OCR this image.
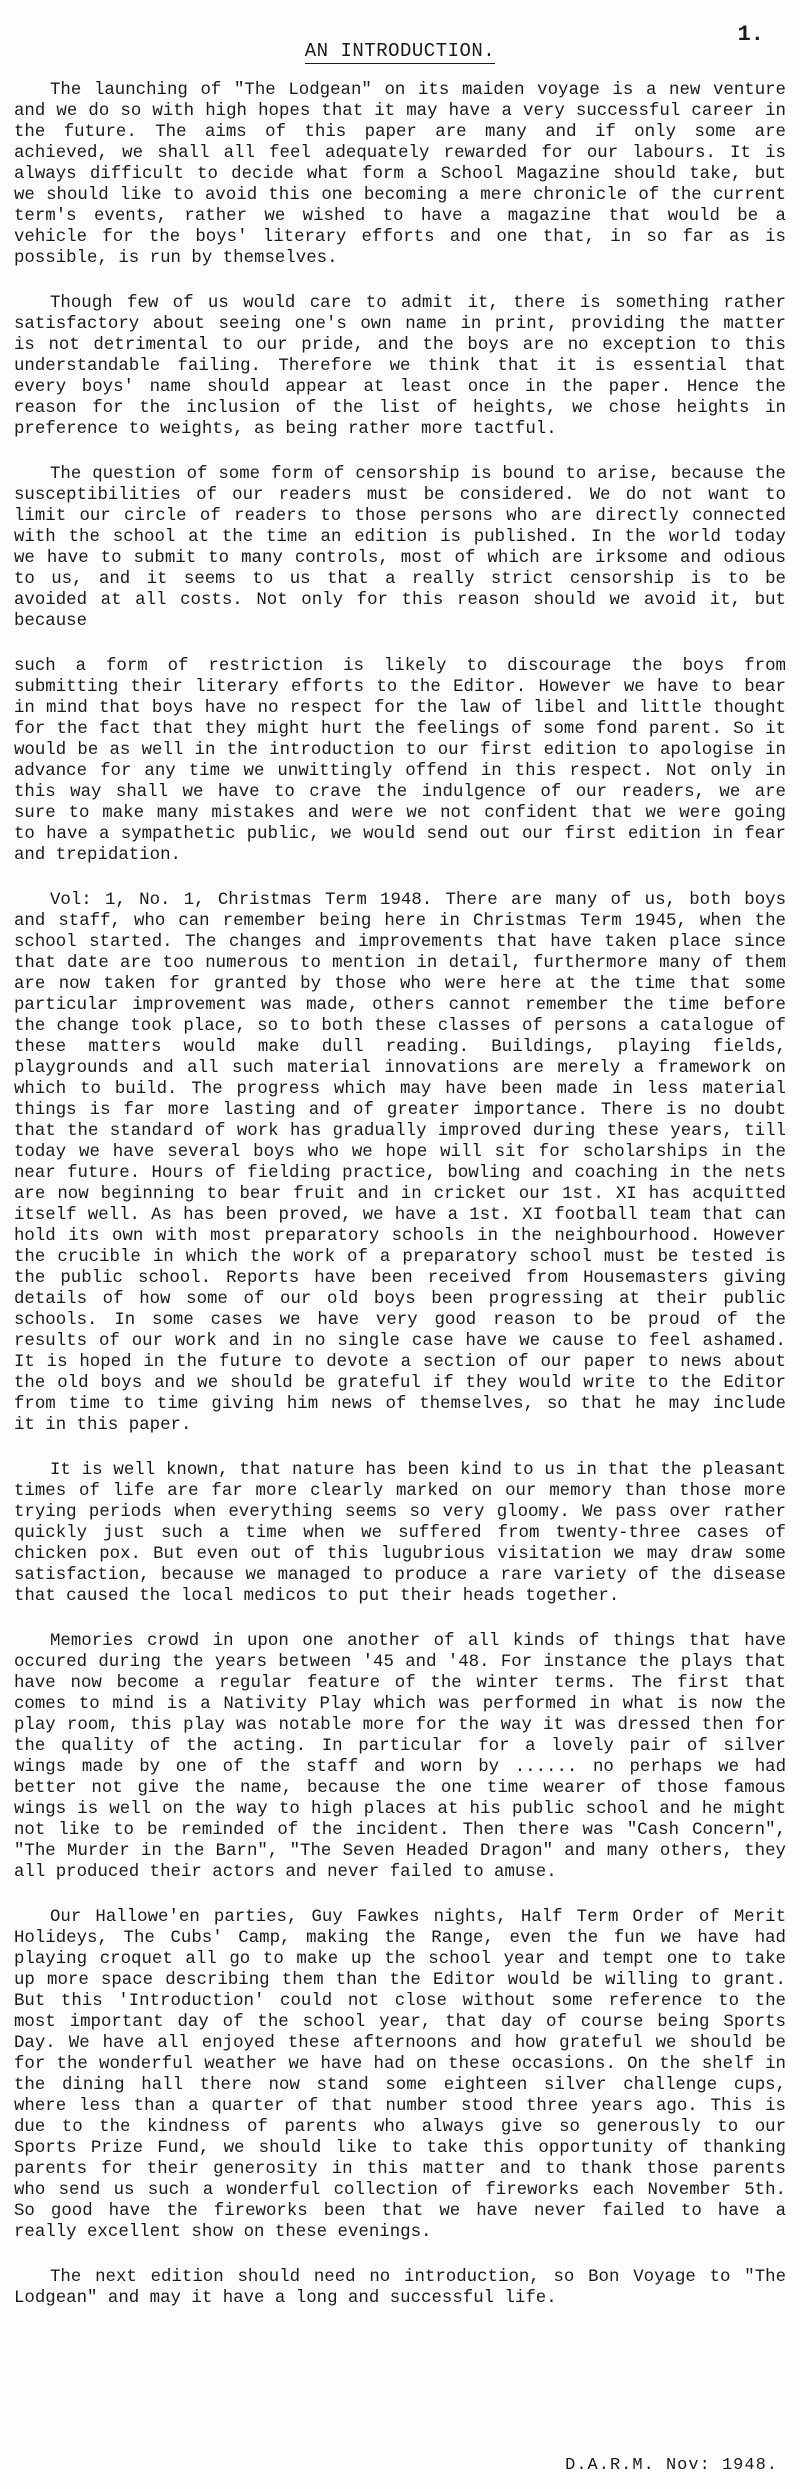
1.
AN INTRODUCTION.

The launching of "The Lodgean" on its maiden voyage is a new venture and we do so with high hopes that it may have a very successful career in the future. The aims of this paper are many and if only some are achieved, we shall all feel adequately rewarded for our labours. It is always difficult to decide what form a School Magazine should take, but we should like to avoid this one becoming a mere chronicle of the current term's events, rather we wished to have a magazine that would be a vehicle for the boys' literary efforts and one that, in so far as is possible, is run by themselves.

Though few of us would care to admit it, there is something rather satisfactory about seeing one's own name in print, providing the matter is not detrimental to our pride, and the boys are no exception to this understandable failing. Therefore we think that it is essential that every boys' name should appear at least once in the paper. Hence the reason for the inclusion of the list of heights, we chose heights in preference to weights, as being rather more tactful.

The question of some form of censorship is bound to arise, because the susceptibilities of our readers must be considered. We do not want to limit our circle of readers to those persons who are directly connected with the school at the time an edition is published. In the world today we have to submit to many controls, most of which are irksome and odious to us, and it seems to us that a really strict censorship is to be avoided at all costs. Not only for this reason should we avoid it, but because

such a form of restriction is likely to discourage the boys from submitting their literary efforts to the Editor. However we have to bear in mind that boys have no respect for the law of libel and little thought for the fact that they might hurt the feelings of some fond parent. So it would be as well in the introduction to our first edition to apologise in advance for any time we unwittingly offend in this respect. Not only in this way shall we have to crave the indulgence of our readers, we are sure to make many mistakes and were we not confident that we were going to have a sympathetic public, we would send out our first edition in fear and trepidation.

Vol: 1, No. 1, Christmas Term 1948. There are many of us, both boys and staff, who can remember being here in Christmas Term 1945, when the school started. The changes and improvements that have taken place since that date are too numerous to mention in detail, furthermore many of them are now taken for granted by those who were here at the time that some particular improvement was made, others cannot remember the time before the change took place, so to both these classes of persons a catalogue of these matters would make dull reading. Buildings, playing fields, playgrounds and all such material innovations are merely a framework on which to build. The progress which may have been made in less material things is far more lasting and of greater importance. There is no doubt that the standard of work has gradually improved during these years, till today we have several boys who we hope will sit for scholarships in the near future. Hours of fielding practice, bowling and coaching in the nets are now beginning to bear fruit and in cricket our 1st. XI has acquitted itself well. As has been proved, we have a 1st. XI football team that can hold its own with most preparatory schools in the neighbourhood. However the crucible in which the work of a preparatory school must be tested is the public school. Reports have been received from Housemasters giving details of how some of our old boys been progressing at their public schools. In some cases we have very good reason to be proud of the results of our work and in no single case have we cause to feel ashamed. It is hoped in the future to devote a section of our paper to news about the old boys and we should be grateful if they would write to the Editor from time to time giving him news of themselves, so that he may include it in this paper.

It is well known, that nature has been kind to us in that the pleasant times of life are far more clearly marked on our memory than those more trying periods when everything seems so very gloomy. We pass over rather quickly just such a time when we suffered from twenty-three cases of chicken pox. But even out of this lugubrious visitation we may draw some satisfaction, because we managed to produce a rare variety of the disease that caused the local medicos to put their heads together.

Memories crowd in upon one another of all kinds of things that have occured during the years between '45 and '48. For instance the plays that have now become a regular feature of the winter terms. The first that comes to mind is a Nativity Play which was performed in what is now the play room, this play was notable more for the way it was dressed then for the quality of the acting. In particular for a lovely pair of silver wings made by one of the staff and worn by ...... no perhaps we had better not give the name, because the one time wearer of those famous wings is well on the way to high places at his public school and he might not like to be reminded of the incident. Then there was "Cash Concern", "The Murder in the Barn", "The Seven Headed Dragon" and many others, they all produced their actors and never failed to amuse.

Our Hallowe'en parties, Guy Fawkes nights, Half Term Order of Merit Holideys, The Cubs' Camp, making the Range, even the fun we have had playing croquet all go to make up the school year and tempt one to take up more space describing them than the Editor would be willing to grant. But this 'Introduction' could not close without some reference to the most important day of the school year, that day of course being Sports Day. We have all enjoyed these afternoons and how grateful we should be for the wonderful weather we have had on these occasions. On the shelf in the dining hall there now stand some eighteen silver challenge cups, where less than a quarter of that number stood three years ago. This is due to the kindness of parents who always give so generously to our Sports Prize Fund, we should like to take this opportunity of thanking parents for their generosity in this matter and to thank those parents who send us such a wonderful collection of fireworks each November 5th. So good have the fireworks been that we have never failed to have a really excellent show on these evenings.

The next edition should need no introduction, so Bon Voyage to "The Lodgean" and may it have a long and successful life.

D.A.R.M. Nov: 1948.
